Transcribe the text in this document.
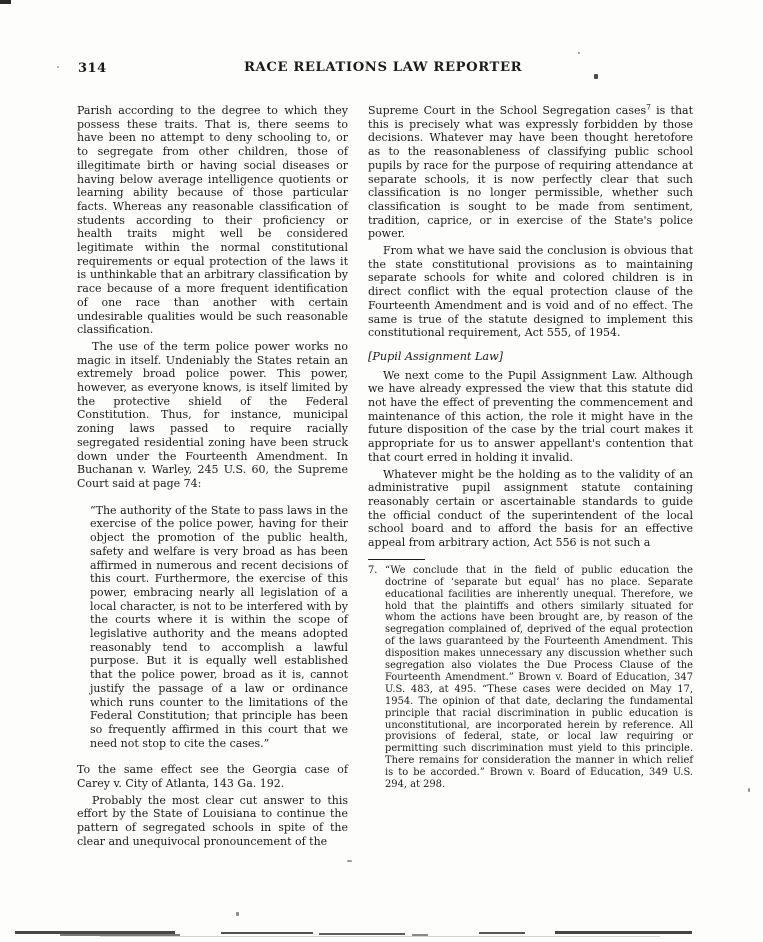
314	RACE RELATIONS LAW REPORTER

Parish according to the degree to which they possess these traits. That is, there seems to have been no attempt to deny schooling to, or to segregate from other children, those of illegitimate birth or having social diseases or having below average intelligence quotients or learning ability because of those particular facts. Whereas any reasonable classification of students according to their proficiency or health traits might well be considered legitimate within the normal constitutional requirements or equal protection of the laws it is unthinkable that an arbitrary classification by race because of a more frequent identification of one race than another with certain undesirable qualities would be such reasonable classification.

The use of the term police power works no magic in itself. Undeniably the States retain an extremely broad police power. This power, however, as everyone knows, is itself limited by the protective shield of the Federal Constitution. Thus, for instance, municipal zoning laws passed to require racially segregated residential zoning have been struck down under the Fourteenth Amendment. In Buchanan v. Warley, 245 U.S. 60, the Supreme Court said at page 74:

“The authority of the State to pass laws in the exercise of the police power, having for their object the promotion of the public health, safety and welfare is very broad as has been affirmed in numerous and recent decisions of this court. Furthermore, the exercise of this power, embracing nearly all legislation of a local character, is not to be interfered with by the courts where it is within the scope of legislative authority and the means adopted reasonably tend to accomplish a lawful purpose. But it is equally well established that the police power, broad as it is, cannot justify the passage of a law or ordinance which runs counter to the limitations of the Federal Constitution; that principle has been so frequently affirmed in this court that we need not stop to cite the cases.”

To the same effect see the Georgia case of Carey v. City of Atlanta, 143 Ga. 192.

Probably the most clear cut answer to this effort by the State of Louisiana to continue the pattern of segregated schools in spite of the clear and unequivocal pronouncement of the

Supreme Court in the School Segregation cases$^7$ is that this is precisely what was expressly forbidden by those decisions. Whatever may have been thought heretofore as to the reasonableness of classifying public school pupils by race for the purpose of requiring attendance at separate schools, it is now perfectly clear that such classification is no longer permissible, whether such classification is sought to be made from sentiment, tradition, caprice, or in exercise of the State's police power.

From what we have said the conclusion is obvious that the state constitutional provisions as to maintaining separate schools for white and colored children is in direct conflict with the equal protection clause of the Fourteenth Amendment and is void and of no effect. The same is true of the statute designed to implement this constitutional requirement, Act 555, of 1954.

[Pupil Assignment Law]

We next come to the Pupil Assignment Law. Although we have already expressed the view that this statute did not have the effect of preventing the commencement and maintenance of this action, the role it might have in the future disposition of the case by the trial court makes it appropriate for us to answer appellant's contention that that court erred in holding it invalid.

Whatever might be the holding as to the validity of an administrative pupil assignment statute containing reasonably certain or ascertainable standards to guide the official conduct of the superintendent of the local school board and to afford the basis for an effective appeal from arbitrary action, Act 556 is not such a

7. “We conclude that in the field of public education the doctrine of ‘separate but equal’ has no place. Separate educational facilities are inherently unequal. Therefore, we hold that the plaintiffs and others similarly situated for whom the actions have been brought are, by reason of the segregation complained of, deprived of the equal protection of the laws guaranteed by the Fourteenth Amendment. This disposition makes unnecessary any discussion whether such segregation also violates the Due Process Clause of the Fourteenth Amendment.” Brown v. Board of Education, 347 U.S. 483, at 495. “These cases were decided on May 17, 1954. The opinion of that date, declaring the fundamental principle that racial discrimination in public education is unconstitutional, are incorporated herein by reference. All provisions of federal, state, or local law requiring or permitting such discrimination must yield to this principle. There remains for consideration the manner in which relief is to be accorded.” Brown v. Board of Education, 349 U.S. 294, at 298.
